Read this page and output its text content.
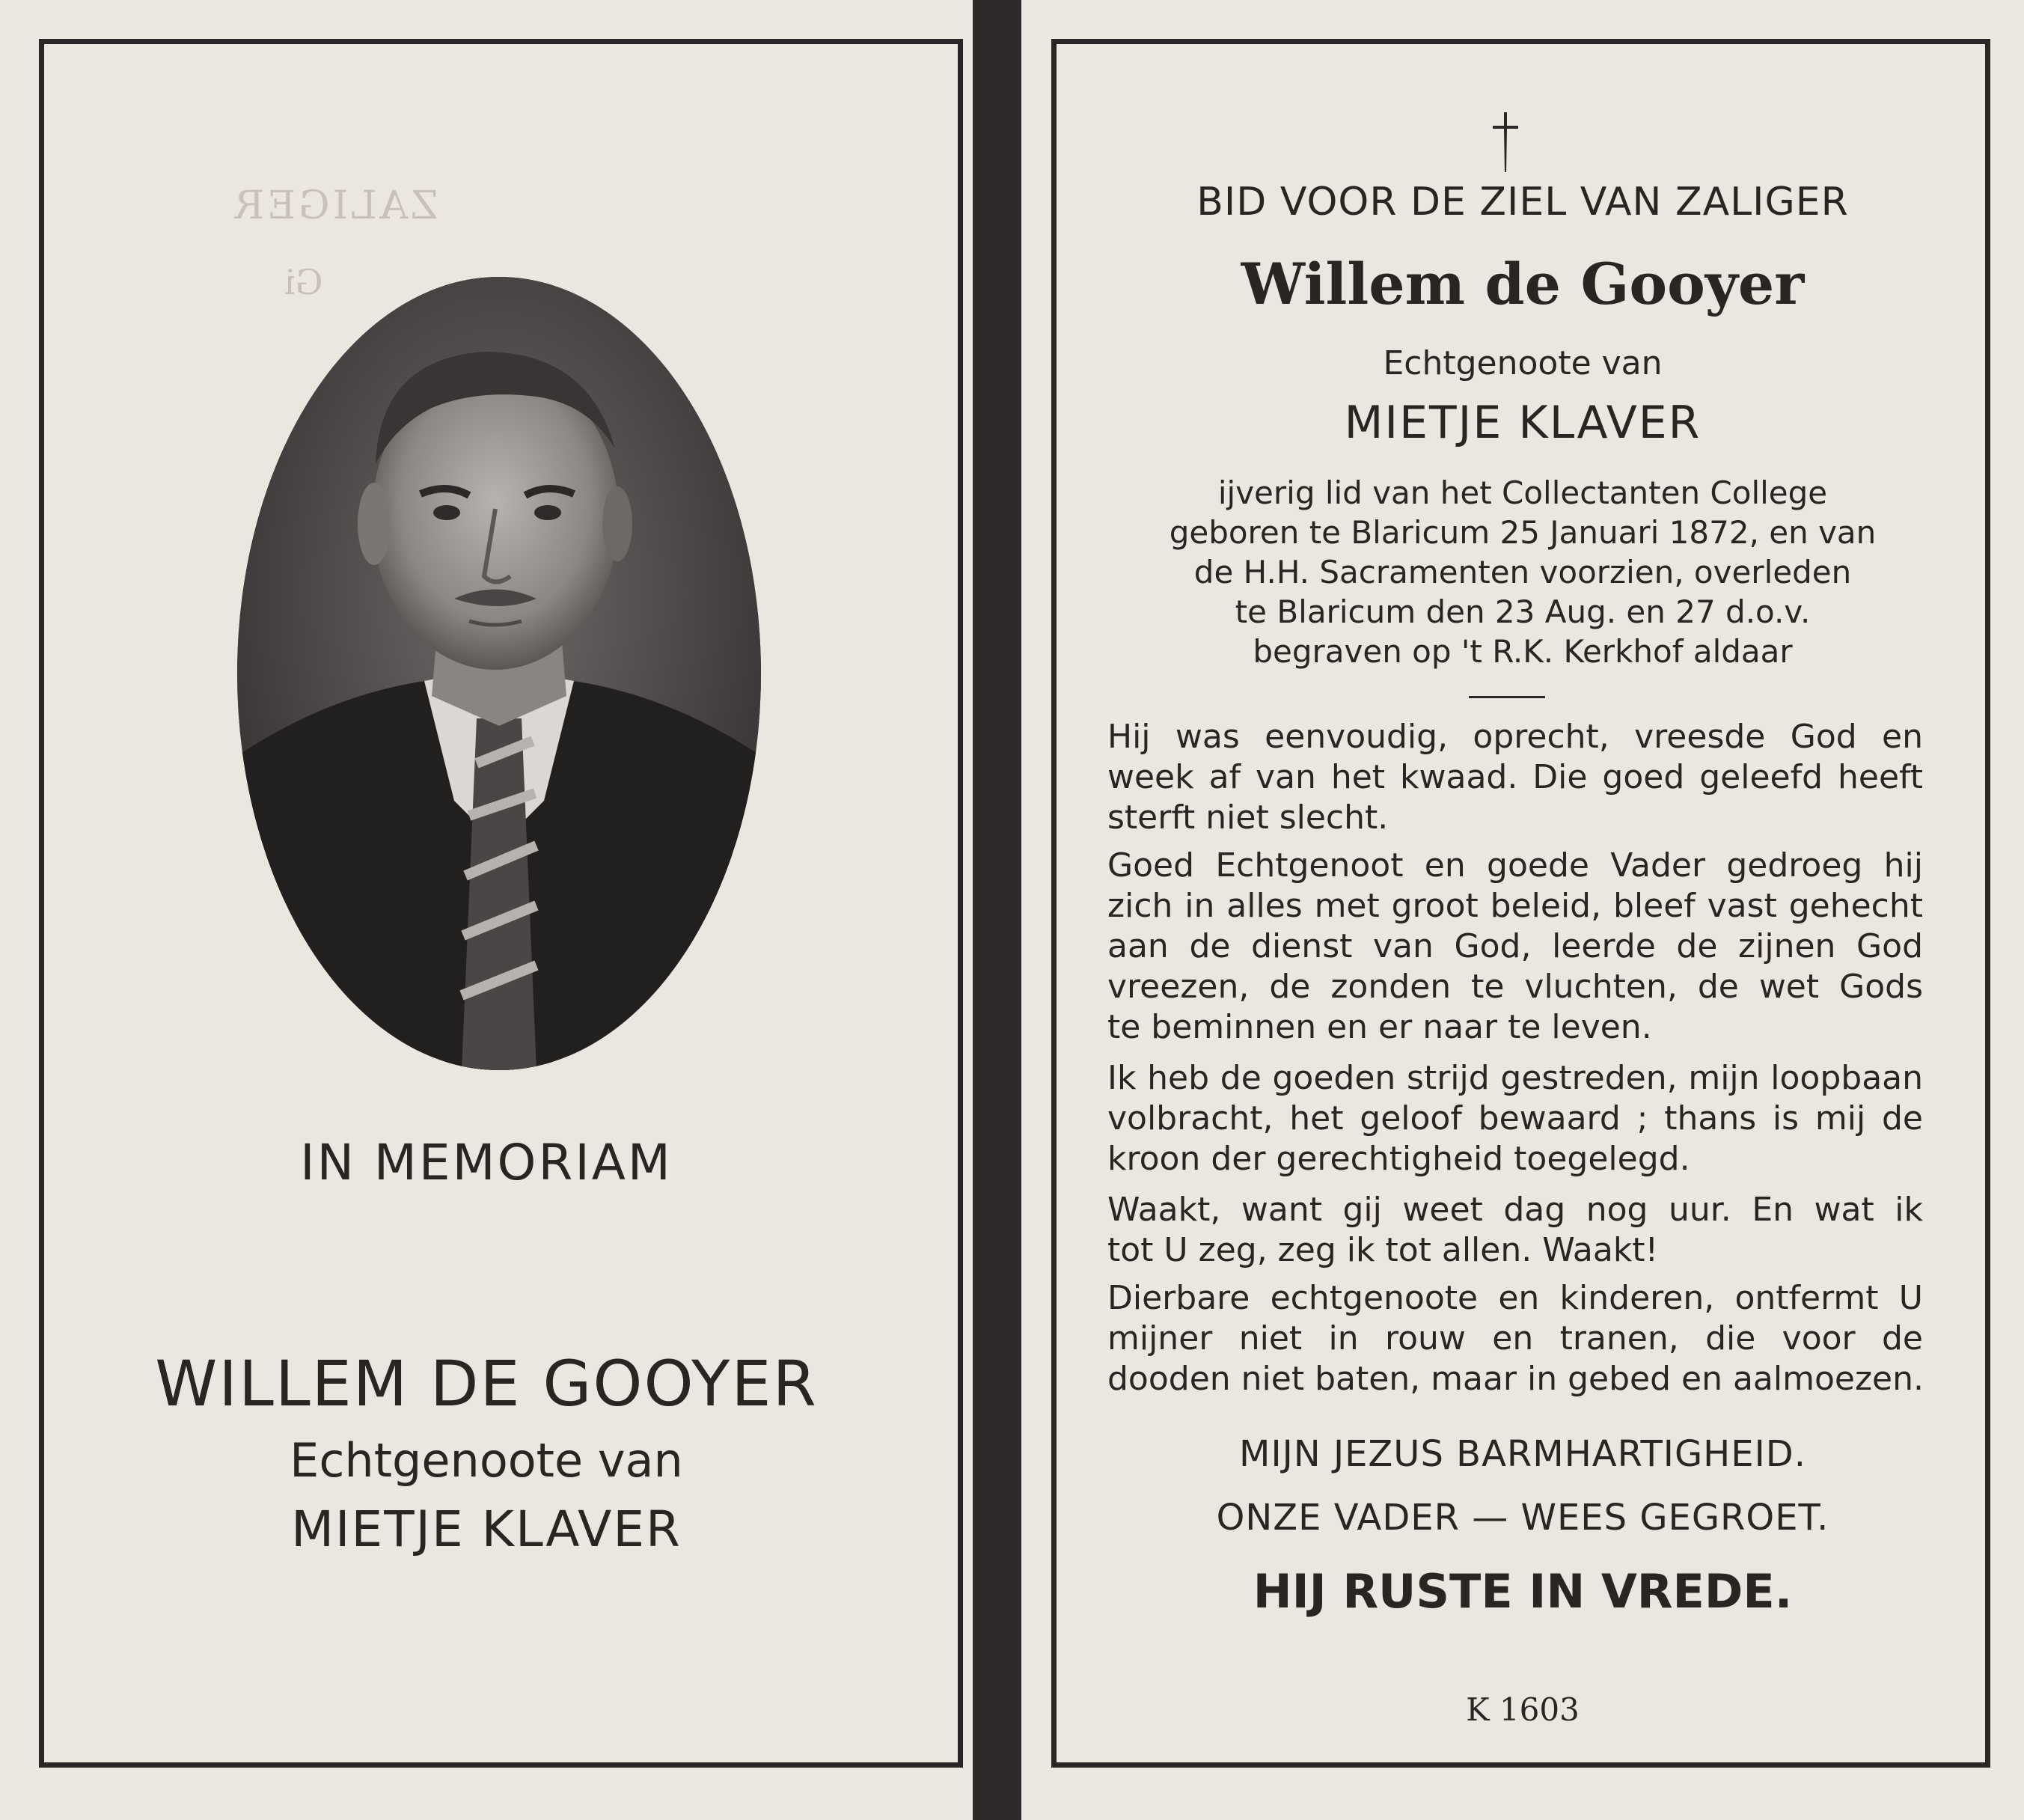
ZALIGER
Gi
IN MEMORIAM
WILLEM DE GOOYER
Echtgenoote van
MIETJE KLAVER
BID VOOR DE ZIEL VAN ZALIGER
Willem de Gooyer
Echtgenoote van
MIETJE KLAVER
ijverig lid van het Collectanten College
geboren te Blaricum 25 Januari 1872, en van
de H.H. Sacramenten voorzien, overleden
te Blaricum den 23 Aug. en 27 d.o.v.
begraven op 't R.K. Kerkhof aldaar
Hij was eenvoudig, oprecht, vreesde God en
week af van het kwaad. Die goed geleefd heeft
sterft niet slecht.
Goed Echtgenoot en goede Vader gedroeg hij
zich in alles met groot beleid, bleef vast gehecht
aan de dienst van God, leerde de zijnen God
vreezen, de zonden te vluchten, de wet Gods
te beminnen en er naar te leven.
Ik heb de goeden strijd gestreden, mijn loopbaan
volbracht, het geloof bewaard ; thans is mij de
kroon der gerechtigheid toegelegd.
Waakt, want gij weet dag nog uur. En wat ik
tot U zeg, zeg ik tot allen. Waakt!
Dierbare echtgenoote en kinderen, ontfermt U
mijner niet in rouw en tranen, die voor de
dooden niet baten, maar in gebed en aalmoezen.
MIJN JEZUS BARMHARTIGHEID.
ONZE VADER — WEES GEGROET.
HIJ RUSTE IN VREDE.
K 1603
